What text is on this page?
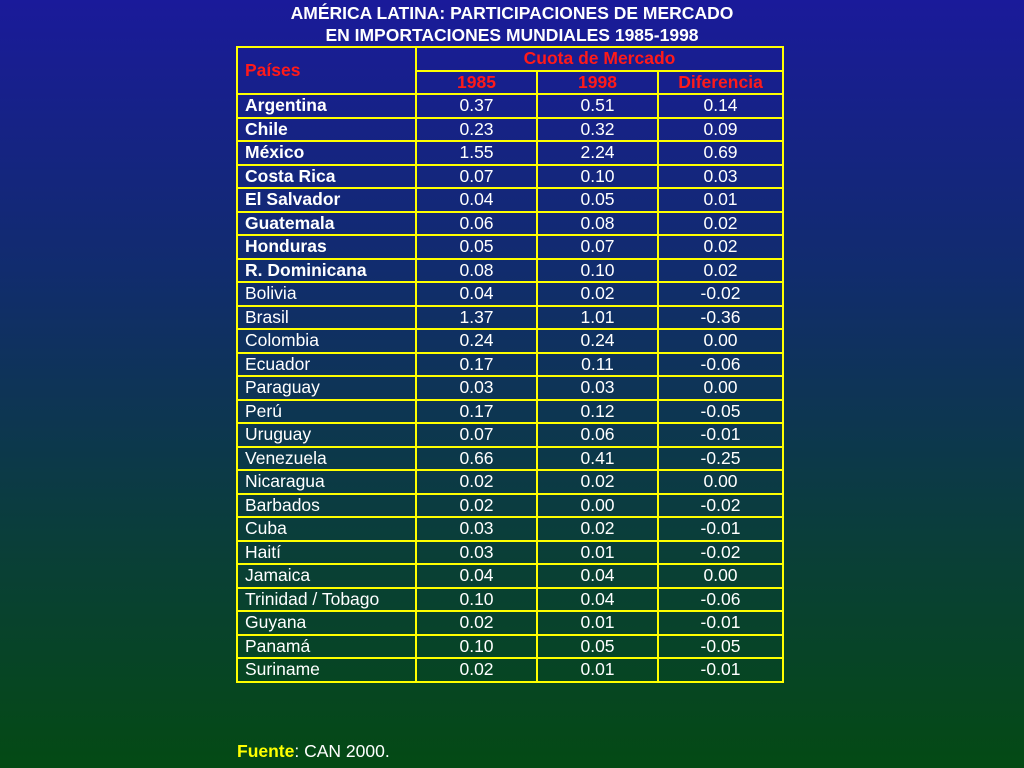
AMÉRICA LATINA: PARTICIPACIONES DE MERCADO
EN IMPORTACIONES MUNDIALES 1985-1998
Países	Cuota de Mercado		
	1985	1998	Diferencia
Argentina	0.37	0.51	0.14
Chile	0.23	0.32	0.09
México	1.55	2.24	0.69
Costa Rica	0.07	0.10	0.03
El Salvador	0.04	0.05	0.01
Guatemala	0.06	0.08	0.02
Honduras	0.05	0.07	0.02
R. Dominicana	0.08	0.10	0.02
Bolivia	0.04	0.02	-0.02
Brasil	1.37	1.01	-0.36
Colombia	0.24	0.24	0.00
Ecuador	0.17	0.11	-0.06
Paraguay	0.03	0.03	0.00
Perú	0.17	0.12	-0.05
Uruguay	0.07	0.06	-0.01
Venezuela	0.66	0.41	-0.25
Nicaragua	0.02	0.02	0.00
Barbados	0.02	0.00	-0.02
Cuba	0.03	0.02	-0.01
Haití	0.03	0.01	-0.02
Jamaica	0.04	0.04	0.00
Trinidad / Tobago	0.10	0.04	-0.06
Guyana	0.02	0.01	-0.01
Panamá	0.10	0.05	-0.05
Suriname	0.02	0.01	-0.01
Fuente: CAN 2000.
